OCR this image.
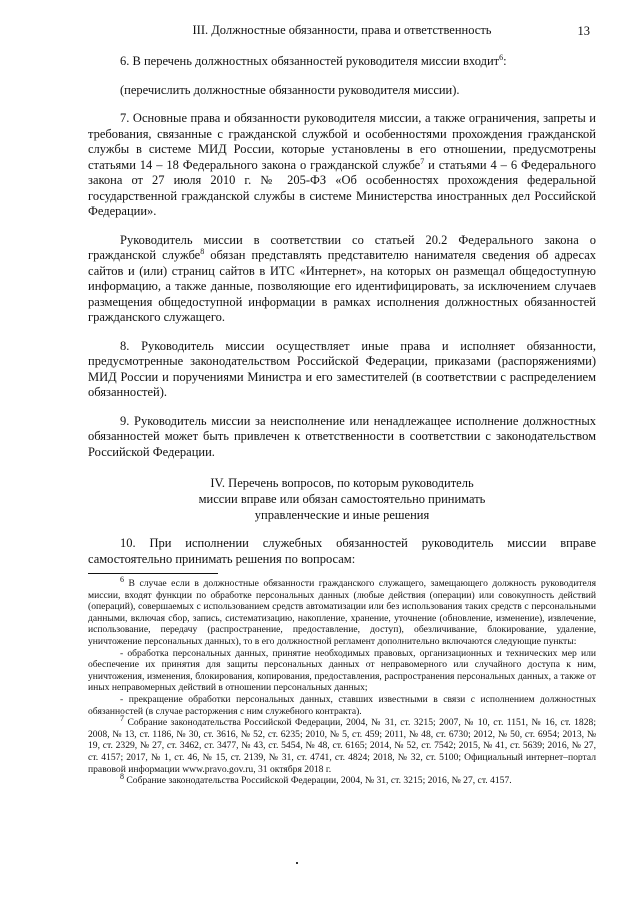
13

III. Должностные обязанности, права и ответственность

6. В перечень должностных обязанностей руководителя миссии входит$^6$:

(перечислить должностные обязанности руководителя миссии).

7. Основные права и обязанности руководителя миссии, а также ограничения, запреты и требования, связанные с гражданской службой и особенностями прохождения гражданской службы в системе МИД России, которые установлены в его отношении, предусмотрены статьями 14 – 18 Федерального закона о гражданской службе$^7$ и статьями 4 – 6 Федерального закона от 27 июля 2010 г. № 205-ФЗ «Об особенностях прохождения федеральной государственной гражданской службы в системе Министерства иностранных дел Российской Федерации».

Руководитель миссии в соответствии со статьей 20.2 Федерального закона о гражданской службе$^8$ обязан представлять представителю нанимателя сведения об адресах сайтов и (или) страниц сайтов в ИТС «Интернет», на которых он размещал общедоступную информацию, а также данные, позволяющие его идентифицировать, за исключением случаев размещения общедоступной информации в рамках исполнения должностных обязанностей гражданского служащего.

8. Руководитель миссии осуществляет иные права и исполняет обязанности, предусмотренные законодательством Российской Федерации, приказами (распоряжениями) МИД России и поручениями Министра и его заместителей (в соответствии с распределением обязанностей).

9. Руководитель миссии за неисполнение или ненадлежащее исполнение должностных обязанностей может быть привлечен к ответственности в соответствии с законодательством Российской Федерации.

IV. Перечень вопросов, по которым руководитель

миссии вправе или обязан самостоятельно принимать

управленческие и иные решения

10. При исполнении служебных обязанностей руководитель миссии вправе самостоятельно принимать решения по вопросам:

$^6$ В случае если в должностные обязанности гражданского служащего, замещающего должность руководителя миссии, входят функции по обработке персональных данных (любые действия (операции) или совокупность действий (операций), совершаемых с использованием средств автоматизации или без использования таких средств с персональными данными, включая сбор, запись, систематизацию, накопление, хранение, уточнение (обновление, изменение), извлечение, использование, передачу (распространение, предоставление, доступ), обезличивание, блокирование, удаление, уничтожение персональных данных), то в его должностной регламент дополнительно включаются следующие пункты:

- обработка персональных данных, принятие необходимых правовых, организационных и технических мер или обеспечение их принятия для защиты персональных данных от неправомерного или случайного доступа к ним, уничтожения, изменения, блокирования, копирования, предоставления, распространения персональных данных, а также от иных неправомерных действий в отношении персональных данных;

- прекращение обработки персональных данных, ставших известными в связи с исполнением должностных обязанностей (в случае расторжения с ним служебного контракта).

$^7$ Собрание законодательства Российской Федерации, 2004, № 31, ст. 3215; 2007, № 10, ст. 1151, № 16, ст. 1828; 2008, № 13, ст. 1186, № 30, ст. 3616, № 52, ст. 6235; 2010, № 5, ст. 459; 2011, № 48, ст. 6730; 2012, № 50, ст. 6954; 2013, № 19, ст. 2329, № 27, ст. 3462, ст. 3477, № 43, ст. 5454, № 48, ст. 6165; 2014, № 52, ст. 7542; 2015, № 41, ст. 5639; 2016, № 27, ст. 4157; 2017, № 1, ст. 46, № 15, ст. 2139, № 31, ст. 4741, ст. 4824; 2018, № 32, ст. 5100; Официальный интернет–портал правовой информации www.pravo.gov.ru, 31 октября 2018 г.

$^8$ Собрание законодательства Российской Федерации, 2004, № 31, ст. 3215; 2016, № 27, ст. 4157.
